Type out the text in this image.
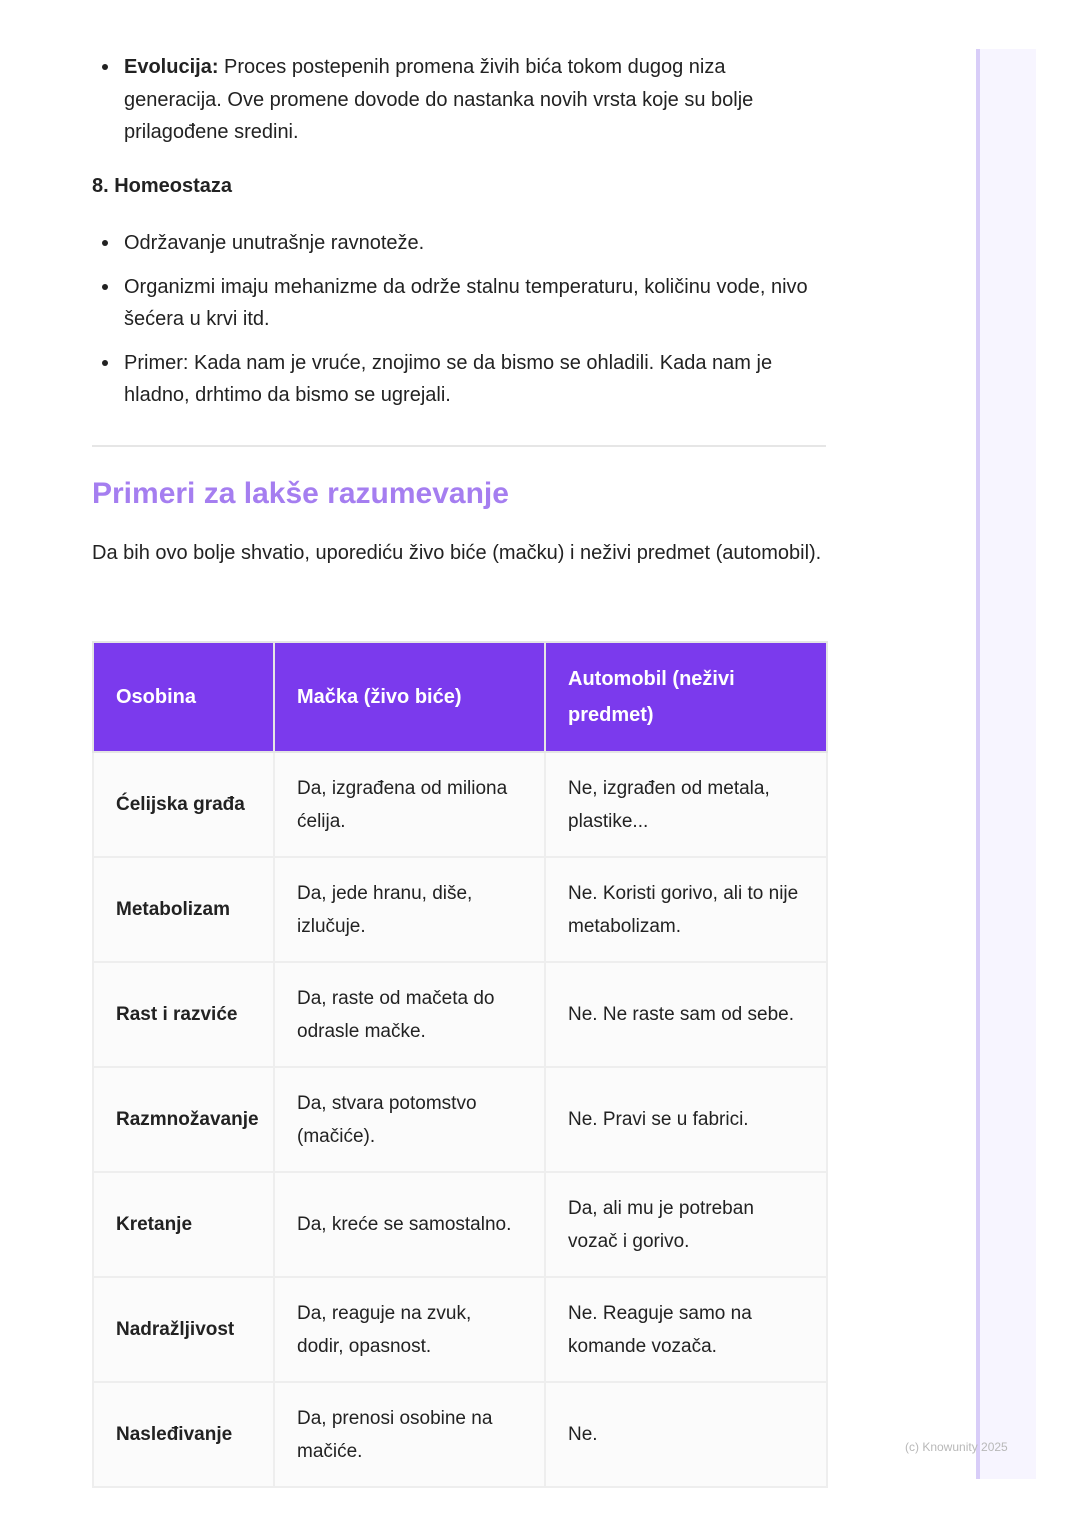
Evolucija: Proces postepenih promena živih bića tokom dugog niza generacija. Ove promene dovode do nastanka novih vrsta koje su bolje prilagođene sredini.
8. Homeostaza
Održavanje unutrašnje ravnoteže.
Organizmi imaju mehanizme da održe stalnu temperaturu, količinu vode, nivo šećera u krvi itd.
Primer: Kada nam je vruće, znojimo se da bismo se ohladili. Kada nam je hladno, drhtimo da bismo se ugrejali.
Primeri za lakše razumevanje

Da bih ovo bolje shvatio, uporediću živo biće (mačku) i neživi predmet (automobil).

Osobina	Mačka (živo biće)	Automobil (neživi predmet)
Ćelijska građa	Da, izgrađena od miliona ćelija.	Ne, izgrađen od metala, plastike...
Metabolizam	Da, jede hranu, diše, izlučuje.	Ne. Koristi gorivo, ali to nije metabolizam.
Rast i razviće	Da, raste od mačeta do odrasle mačke.	Ne. Ne raste sam od sebe.
Razmnožavanje	Da, stvara potomstvo (mačiće).	Ne. Pravi se u fabrici.
Kretanje	Da, kreće se samostalno.	Da, ali mu je potreban vozač i gorivo.
Nadražljivost	Da, reaguje na zvuk, dodir, opasnost.	Ne. Reaguje samo na komande vozača.
Nasleđivanje	Da, prenosi osobine na mačiće.	Ne.
(c) Knowunity 2025
